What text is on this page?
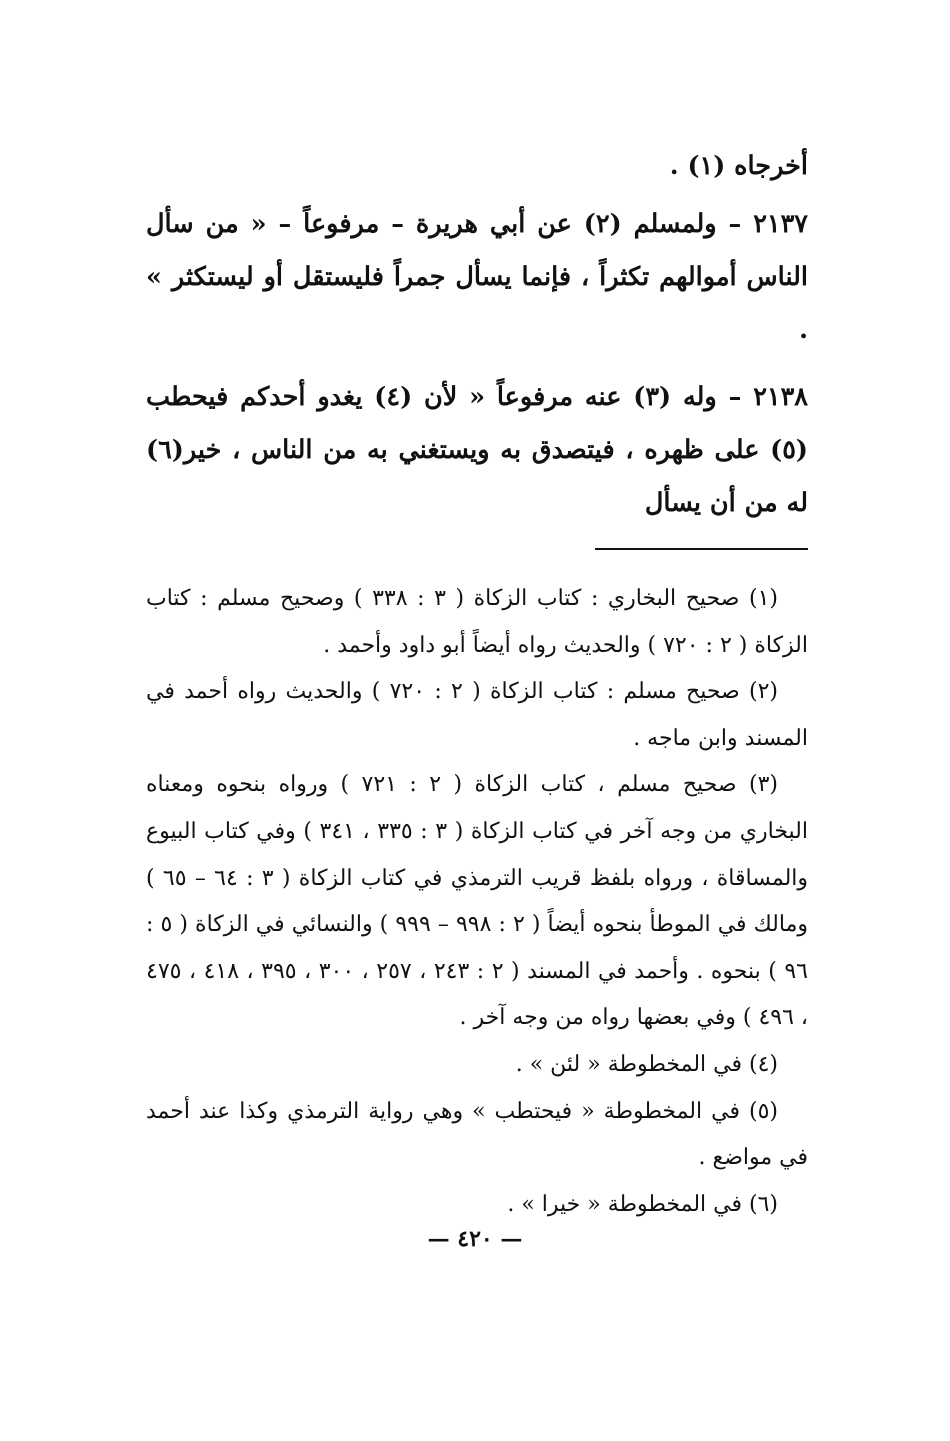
أخرجاه (١) .

٢١٣٧ – ولمسلم (٢) عن أبي هريرة – مرفوعاً – « من سأل الناس أموالهم تكثراً ، فإنما يسأل جمراً فليستقل أو ليستكثر » .

٢١٣٨ – وله (٣) عنه مرفوعاً « لأن (٤) يغدو أحدكم فيحطب (٥) على ظهره ، فيتصدق به ويستغني به من الناس ، خير(٦) له من أن يسأل

(١) صحيح البخاري : كتاب الزكاة ( ٣ : ٣٣٨ ) وصحيح مسلم : كتاب الزكاة ( ٢ : ٧٢٠ ) والحديث رواه أيضاً أبو داود وأحمد .

(٢) صحيح مسلم : كتاب الزكاة ( ٢ : ٧٢٠ ) والحديث رواه أحمد في المسند وابن ماجه .

(٣) صحيح مسلم ، كتاب الزكاة ( ٢ : ٧٢١ ) ورواه بنحوه ومعناه البخاري من وجه آخر في كتاب الزكاة ( ٣ : ٣٣٥ ، ٣٤١ ) وفي كتاب البيوع والمساقاة ، ورواه بلفظ قريب الترمذي في كتاب الزكاة ( ٣ : ٦٤ – ٦٥ ) ومالك في الموطأ بنحوه أيضاً ( ٢ : ٩٩٨ – ٩٩٩ ) والنسائي في الزكاة ( ٥ : ٩٦ ) بنحوه . وأحمد في المسند ( ٢ : ٢٤٣ ، ٢٥٧ ، ٣٠٠ ، ٣٩٥ ، ٤١٨ ، ٤٧٥ ، ٤٩٦ ) وفي بعضها رواه من وجه آخر .

(٤) في المخطوطة « لئن » .

(٥) في المخطوطة « فيحتطب » وهي رواية الترمذي وكذا عند أحمد في مواضع .

(٦) في المخطوطة « خيرا » .

— ٤٢٠ —
